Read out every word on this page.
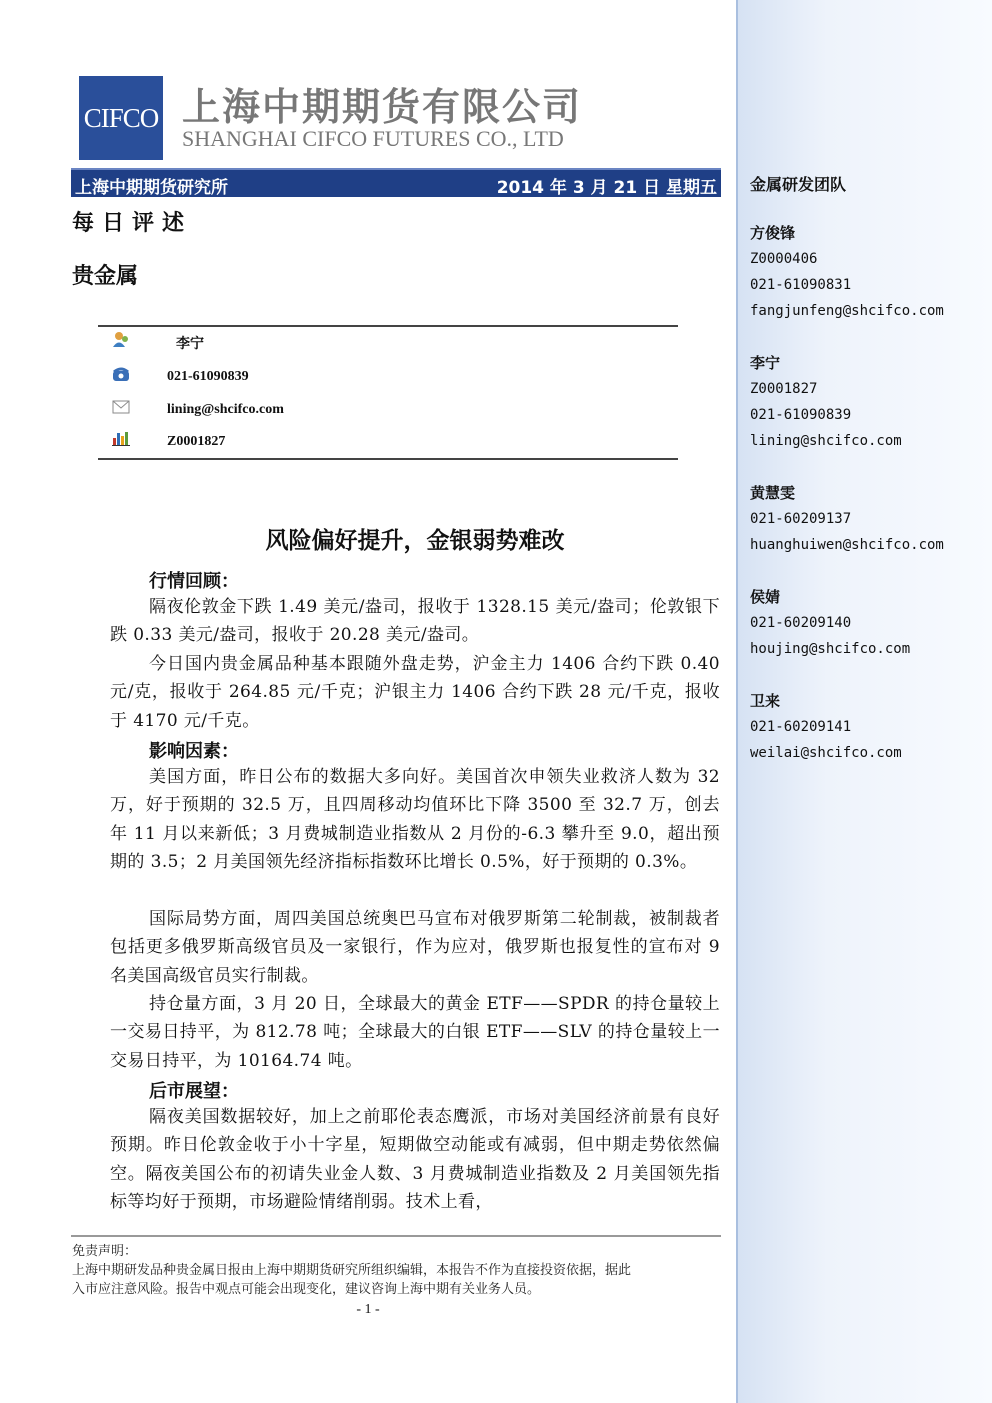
金属研发团队
方俊锋
Z0000406
021-61090831
fangjunfeng@shcifco.com
李宁
Z0001827
021-61090839
lining@shcifco.com
黄慧雯
021-60209137
huanghuiwen@shcifco.com
侯婧
021-60209140
houjing@shcifco.com
卫来
021-60209141
weilai@shcifco.com
CIFCO 上海中期期货有限公司
SHANGHAI CIFCO FUTURES CO., LTD
上海中期期货研究所	2014 年 3 月 21 日 星期五
每日评述
贵金属
李宁
021-61090839
lining@shcifco.com
Z0001827
风险偏好提升，金银弱势难改
行情回顾：
隔夜伦敦金下跌 1.49 美元/盎司，报收于 1328.15 美元/盎司；伦敦银下跌 0.33 美元/盎司，报收于 20.28 美元/盎司。
今日国内贵金属品种基本跟随外盘走势，沪金主力 1406 合约下跌 0.40 元/克，报收于 264.85 元/千克；沪银主力 1406 合约下跌 28 元/千克，报收于 4170 元/千克。
影响因素：
美国方面，昨日公布的数据大多向好。美国首次申领失业救济人数为 32 万，好于预期的 32.5 万，且四周移动均值环比下降 3500 至 32.7 万，创去年 11 月以来新低；3 月费城制造业指数从 2 月份的-6.3 攀升至 9.0，超出预期的 3.5；2 月美国领先经济指标指数环比增长 0.5%，好于预期的 0.3%。
国际局势方面，周四美国总统奥巴马宣布对俄罗斯第二轮制裁，被制裁者包括更多俄罗斯高级官员及一家银行，作为应对，俄罗斯也报复性的宣布对 9 名美国高级官员实行制裁。
持仓量方面，3 月 20 日，全球最大的黄金 ETF——SPDR 的持仓量较上一交易日持平，为 812.78 吨；全球最大的白银 ETF——SLV 的持仓量较上一交易日持平，为 10164.74 吨。
后市展望：
隔夜美国数据较好，加上之前耶伦表态鹰派，市场对美国经济前景有良好预期。昨日伦敦金收于小十字星，短期做空动能或有减弱，但中期走势依然偏空。隔夜美国公布的初请失业金人数、3 月费城制造业指数及 2 月美国领先指标等均好于预期，市场避险情绪削弱。技术上看，
免责声明：
上海中期研发品种贵金属日报由上海中期期货研究所组织编辑，本报告不作为直接投资依据，据此
入市应注意风险。报告中观点可能会出现变化，建议咨询上海中期有关业务人员。
- 1 -
